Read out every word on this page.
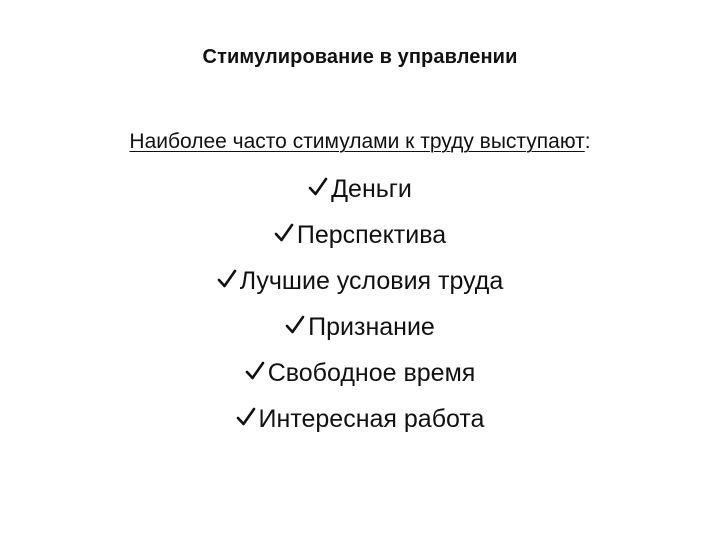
Стимулирование в управлении
Наиболее часто стимулами к труду выступают:
Деньги
Перспектива
Лучшие условия труда
Признание
Свободное время
Интересная работа
